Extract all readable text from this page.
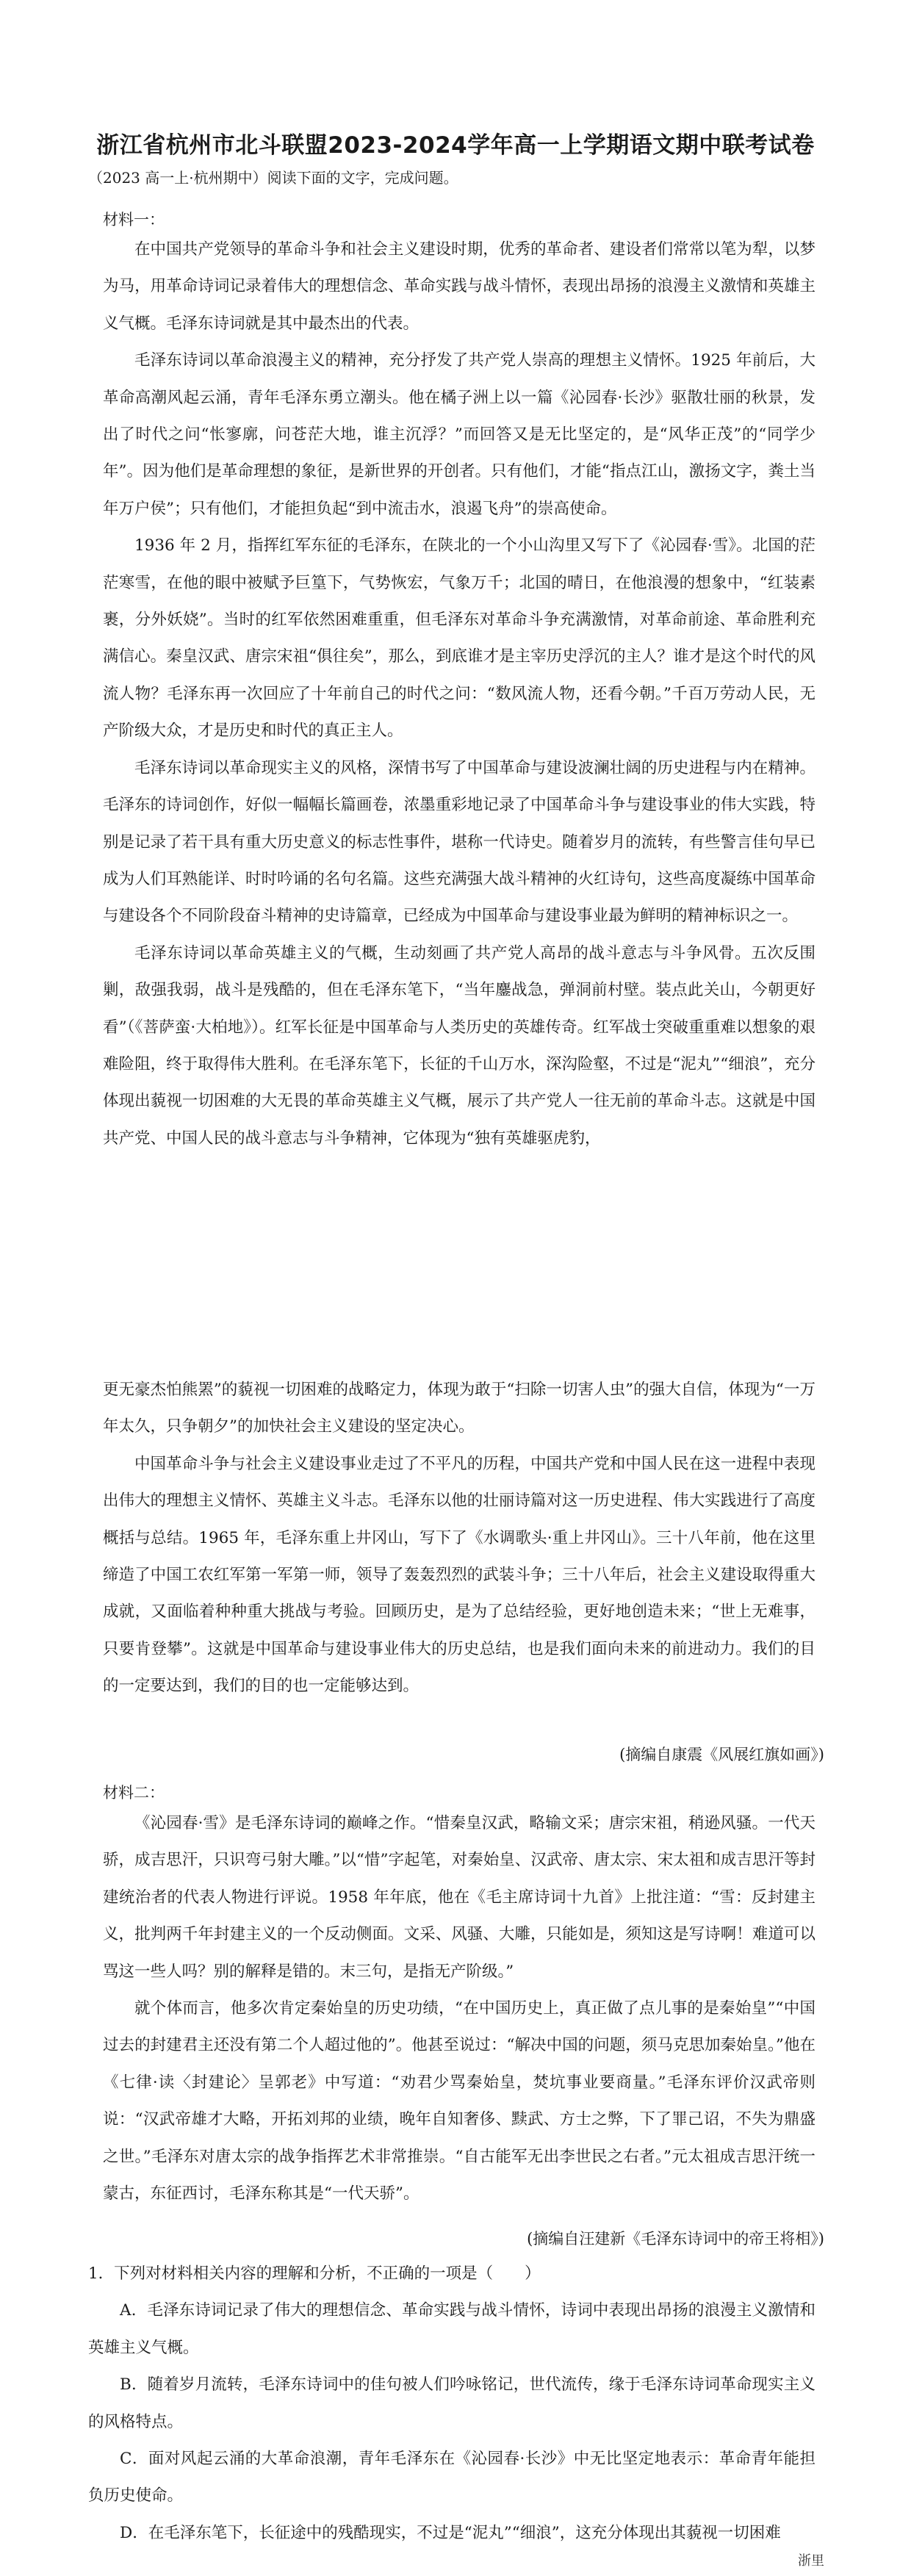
浙江省杭州市北斗联盟2023-2024学年高一上学期语文期中联考试卷
（2023 高一上·杭州期中）阅读下面的文字，完成问题。
材料一：

在中国共产党领导的革命斗争和社会主义建设时期，优秀的革命者、建设者们常常以笔为犁，以梦为马，用革命诗词记录着伟大的理想信念、革命实践与战斗情怀，表现出昂扬的浪漫主义激情和英雄主义气概。毛泽东诗词就是其中最杰出的代表。

毛泽东诗词以革命浪漫主义的精神，充分抒发了共产党人崇高的理想主义情怀。1925 年前后，大革命高潮风起云涌，青年毛泽东勇立潮头。他在橘子洲上以一篇《沁园春·长沙》驱散壮丽的秋景，发出了时代之问“怅寥廓，问苍茫大地，谁主沉浮？”而回答又是无比坚定的，是“风华正茂”的“同学少年”。因为他们是革命理想的象征，是新世界的开创者。只有他们，才能“指点江山，激扬文字，粪土当年万户侯”；只有他们，才能担负起“到中流击水，浪遏飞舟”的崇高使命。

1936 年 2 月，指挥红军东征的毛泽东，在陕北的一个小山沟里又写下了《沁园春·雪》。北国的茫茫寒雪，在他的眼中被赋予巨篁下，气势恢宏，气象万千；北国的晴日，在他浪漫的想象中，“红装素裹，分外妖娆”。当时的红军依然困难重重，但毛泽东对革命斗争充满激情，对革命前途、革命胜利充满信心。秦皇汉武、唐宗宋祖“俱往矣”，那么，到底谁才是主宰历史浮沉的主人？谁才是这个时代的风流人物？毛泽东再一次回应了十年前自己的时代之问：“数风流人物，还看今朝。”千百万劳动人民，无产阶级大众，才是历史和时代的真正主人。

毛泽东诗词以革命现实主义的风格，深情书写了中国革命与建设波澜壮阔的历史进程与内在精神。毛泽东的诗词创作，好似一幅幅长篇画卷，浓墨重彩地记录了中国革命斗争与建设事业的伟大实践，特别是记录了若干具有重大历史意义的标志性事件，堪称一代诗史。随着岁月的流转，有些警言佳句早已成为人们耳熟能详、时时吟诵的名句名篇。这些充满强大战斗精神的火红诗句，这些高度凝练中国革命与建设各个不同阶段奋斗精神的史诗篇章，已经成为中国革命与建设事业最为鲜明的精神标识之一。

毛泽东诗词以革命英雄主义的气概，生动刻画了共产党人高昂的战斗意志与斗争风骨。五次反围剿，敌强我弱，战斗是残酷的，但在毛泽东笔下，“当年鏖战急，弹洞前村壁。装点此关山，今朝更好看”（《菩萨蛮·大柏地》）。红军长征是中国革命与人类历史的英雄传奇。红军战士突破重重难以想象的艰难险阻，终于取得伟大胜利。在毛泽东笔下，长征的千山万水，深沟险壑，不过是“泥丸”“细浪”，充分体现出藐视一切困难的大无畏的革命英雄主义气概，展示了共产党人一往无前的革命斗志。这就是中国共产党、中国人民的战斗意志与斗争精神，它体现为“独有英雄驱虎豹，

更无豪杰怕熊罴”的藐视一切困难的战略定力，体现为敢于“扫除一切害人虫”的强大自信，体现为“一万年太久，只争朝夕”的加快社会主义建设的坚定决心。

中国革命斗争与社会主义建设事业走过了不平凡的历程，中国共产党和中国人民在这一进程中表现出伟大的理想主义情怀、英雄主义斗志。毛泽东以他的壮丽诗篇对这一历史进程、伟大实践进行了高度概括与总结。1965 年，毛泽东重上井冈山，写下了《水调歌头·重上井冈山》。三十八年前，他在这里缔造了中国工农红军第一军第一师，领导了轰轰烈烈的武装斗争；三十八年后，社会主义建设取得重大成就，又面临着种种重大挑战与考验。回顾历史，是为了总结经验，更好地创造未来；“世上无难事，只要肯登攀”。这就是中国革命与建设事业伟大的历史总结，也是我们面向未来的前进动力。我们的目的一定要达到，我们的目的也一定能够达到。

(摘编自康震《风展红旗如画》)
材料二：

《沁园春·雪》是毛泽东诗词的巅峰之作。“惜秦皇汉武，略输文采；唐宗宋祖，稍逊风骚。一代天骄，成吉思汗，只识弯弓射大雕。”以“惜”字起笔，对秦始皇、汉武帝、唐太宗、宋太祖和成吉思汗等封建统治者的代表人物进行评说。1958 年年底，他在《毛主席诗词十九首》上批注道：“雪：反封建主义，批判两千年封建主义的一个反动侧面。文采、风骚、大雕，只能如是，须知这是写诗啊！难道可以骂这一些人吗？别的解释是错的。末三句，是指无产阶级。”

就个体而言，他多次肯定秦始皇的历史功绩，“在中国历史上，真正做了点儿事的是秦始皇”“中国过去的封建君主还没有第二个人超过他的”。他甚至说过：“解决中国的问题，须马克思加秦始皇。”他在《七律·读〈封建论〉呈郭老》中写道：“劝君少骂秦始皇，焚坑事业要商量。”毛泽东评价汉武帝则说：“汉武帝雄才大略，开拓刘邦的业绩，晚年自知奢侈、黩武、方士之弊，下了罪己诏，不失为鼎盛之世。”毛泽东对唐太宗的战争指挥艺术非常推崇。“自古能军无出李世民之右者。”元太祖成吉思汗统一蒙古，东征西讨，毛泽东称其是“一代天骄”。

(摘编自汪建新《毛泽东诗词中的帝王将相》)

1．下列对材料相关内容的理解和分析，不正确的一项是（　　）

A．毛泽东诗词记录了伟大的理想信念、革命实践与战斗情怀，诗词中表现出昂扬的浪漫主义激情和英雄主义气概。

B．随着岁月流转，毛泽东诗词中的佳句被人们吟咏铭记，世代流传，缘于毛泽东诗词革命现实主义的风格特点。

C．面对风起云涌的大革命浪潮，青年毛泽东在《沁园春·长沙》中无比坚定地表示：革命青年能担负历史使命。

D．在毛泽东笔下，长征途中的残酷现实，不过是“泥丸”“细浪”，这充分体现出其藐视一切困难

浙里
